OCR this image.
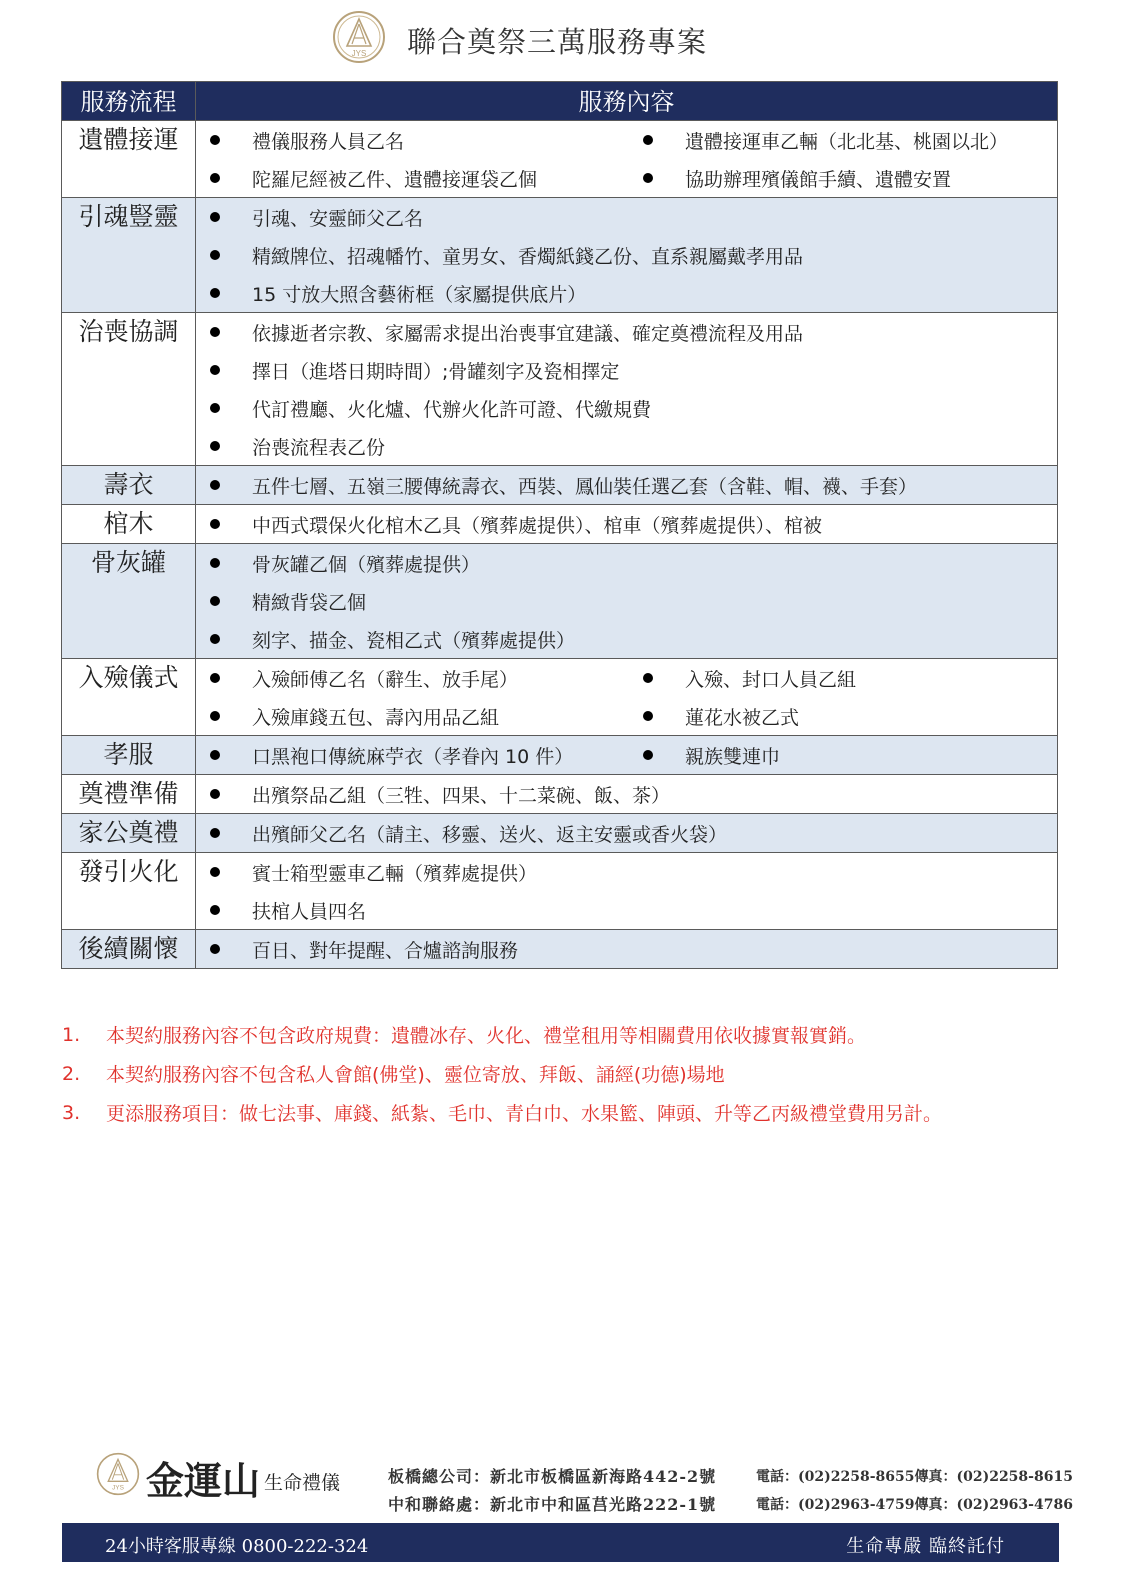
JYS 聯合奠祭三萬服務專案
服務流程	服務內容
遺體接運	禮儀服務人員乙名 遺體接運車乙輛（北北基、桃園以北）
陀羅尼經被乙件、遺體接運袋乙個 協助辦理殯儀館手續、遺體安置

引魂豎靈	引魂、安靈師父乙名
精緻牌位、招魂幡竹、童男女、香燭紙錢乙份、直系親屬戴孝用品
15 寸放大照含藝術框（家屬提供底片）

治喪協調	依據逝者宗教、家屬需求提出治喪事宜建議、確定奠禮流程及用品
擇日（進塔日期時間）;骨罐刻字及瓷相擇定
代訂禮廳、火化爐、代辦火化許可證、代繳規費
治喪流程表乙份

壽衣	五件七層、五嶺三腰傳統壽衣、西裝、鳳仙裝任選乙套（含鞋、帽、襪、手套）

棺木	中西式環保火化棺木乙具（殯葬處提供）、棺車（殯葬處提供）、棺被

骨灰罐	骨灰罐乙個（殯葬處提供）
精緻背袋乙個
刻字、描金、瓷相乙式（殯葬處提供）

入殮儀式	入殮師傅乙名（辭生、放手尾） 入殮、封口人員乙組
入殮庫錢五包、壽內用品乙組 蓮花水被乙式

孝服	口黑袍口傳統麻苧衣（孝眷內 10 件） 親族雙連巾

奠禮準備	出殯祭品乙組（三牲、四果、十二菜碗、飯、茶）

家公奠禮	出殯師父乙名（請主、移靈、送火、返主安靈或香火袋）

發引火化	賓士箱型靈車乙輛（殯葬處提供）
扶棺人員四名

後續關懷	百日、對年提醒、合爐諮詢服務
1.	本契約服務內容不包含政府規費：遺體冰存、火化、禮堂租用等相關費用依收據實報實銷。
2.	本契約服務內容不包含私人會館(佛堂)、靈位寄放、拜飯、誦經(功德)場地
3.	更添服務項目：做七法事、庫錢、紙紮、毛巾、青白巾、水果籃、陣頭、升等乙丙級禮堂費用另計。
JYS 金運山 生命禮儀	板橋總公司：新北市板橋區新海路442-2號
中和聯絡處：新北市中和區莒光路222-1號
電話：(02)2258-8655傳真：(02)2258-8615
電話：(02)2963-4759傳真：(02)2963-4786
24小時客服專線 0800-222-324	生命專嚴 臨終託付
